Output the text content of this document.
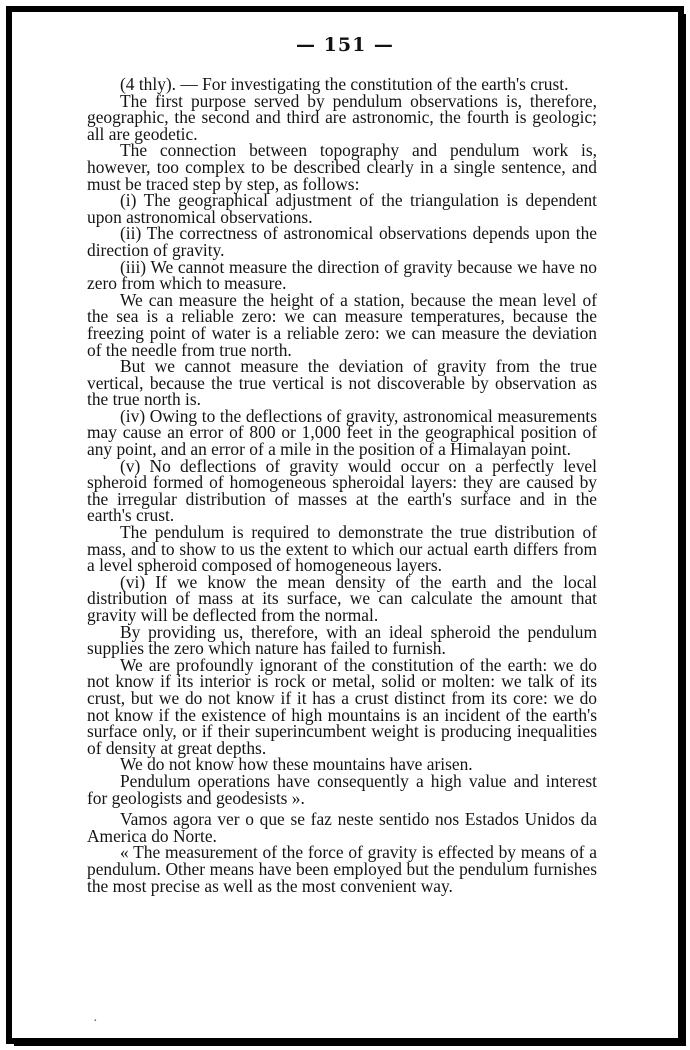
— 151 —

(4 thly). — For investigating the constitution of the earth's crust.

The first purpose served by pendulum observations is, therefore, geographic, the second and third are astronomic, the fourth is geologic; all are geodetic.

The connection between topography and pendulum work is, however, too complex to be described clearly in a single sentence, and must be traced step by step, as follows:

(i) The geographical adjustment of the triangulation is dependent upon astronomical observations.

(ii) The correctness of astronomical observations depends upon the direction of gravity.

(iii) We cannot measure the direction of gravity because we have no zero from which to measure.

We can measure the height of a station, because the mean level of the sea is a reliable zero: we can measure temperatures, because the freezing point of water is a reliable zero: we can measure the deviation of the needle from true north.

But we cannot measure the deviation of gravity from the true vertical, because the true vertical is not discoverable by observation as the true north is.

(iv) Owing to the deflections of gravity, astronomical measurements may cause an error of 800 or 1,000 feet in the geographical position of any point, and an error of a mile in the position of a Himalayan point.

(v) No deflections of gravity would occur on a perfectly level spheroid formed of homogeneous spheroidal layers: they are caused by the irregular distribution of masses at the earth's surface and in the earth's crust.

The pendulum is required to demonstrate the true distribution of mass, and to show to us the extent to which our actual earth differs from a level spheroid composed of homogeneous layers.

(vi) If we know the mean density of the earth and the local distribution of mass at its surface, we can calculate the amount that gravity will be deflected from the normal.

By providing us, therefore, with an ideal spheroid the pendulum supplies the zero which nature has failed to furnish.

We are profoundly ignorant of the constitution of the earth: we do not know if its interior is rock or metal, solid or molten: we talk of its crust, but we do not know if it has a crust distinct from its core: we do not know if the existence of high mountains is an incident of the earth's surface only, or if their superincumbent weight is producing inequalities of density at great depths.

We do not know how these mountains have arisen.

Pendulum operations have consequently a high value and interest for geologists and geodesists ».

Vamos agora ver o que se faz neste sentido nos Estados Unidos da America do Norte.

« The measurement of the force of gravity is effected by means of a pendulum. Other means have been employed but the pendulum furnishes the most precise as well as the most convenient way.

·
